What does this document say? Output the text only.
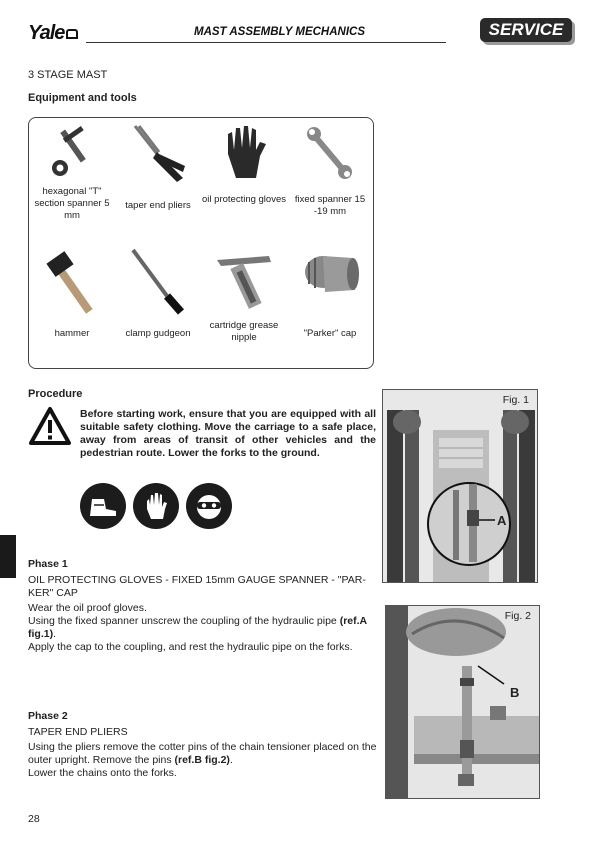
Yale	MAST ASSEMBLY MECHANICS	SERVICE
3 STAGE MAST
Equipment and tools
hexagonal "T" section spanner 5 mm
taper end pliers
oil protecting gloves fixed spanner 15 -19 mm
hammer	clamp gudgeon
cartridge grease nipple	"Parker" cap
Procedure
Before starting work, ensure that you are equipped with all suitable safety clothing. Move the carriage to a safe place, away from areas of transit of other vehicles and the pedestrian route. Lower the forks to the ground.
Phase 1
OIL PROTECTING GLOVES - FIXED 15mm GAUGE SPANNER - "PAR-KER" CAP
Wear the oil proof gloves.
Using the fixed spanner unscrew the coupling of the hydraulic pipe (ref.A fig.1).
Apply the cap to the coupling, and rest the hydraulic pipe on the forks.
Phase 2
TAPER END PLIERS
Using the pliers remove the cotter pins of the chain tensioner placed on the outer upright. Remove the pins (ref.B fig.2).
Lower the chains onto the forks.
28
Fig. 1
A
Fig. 2
B
